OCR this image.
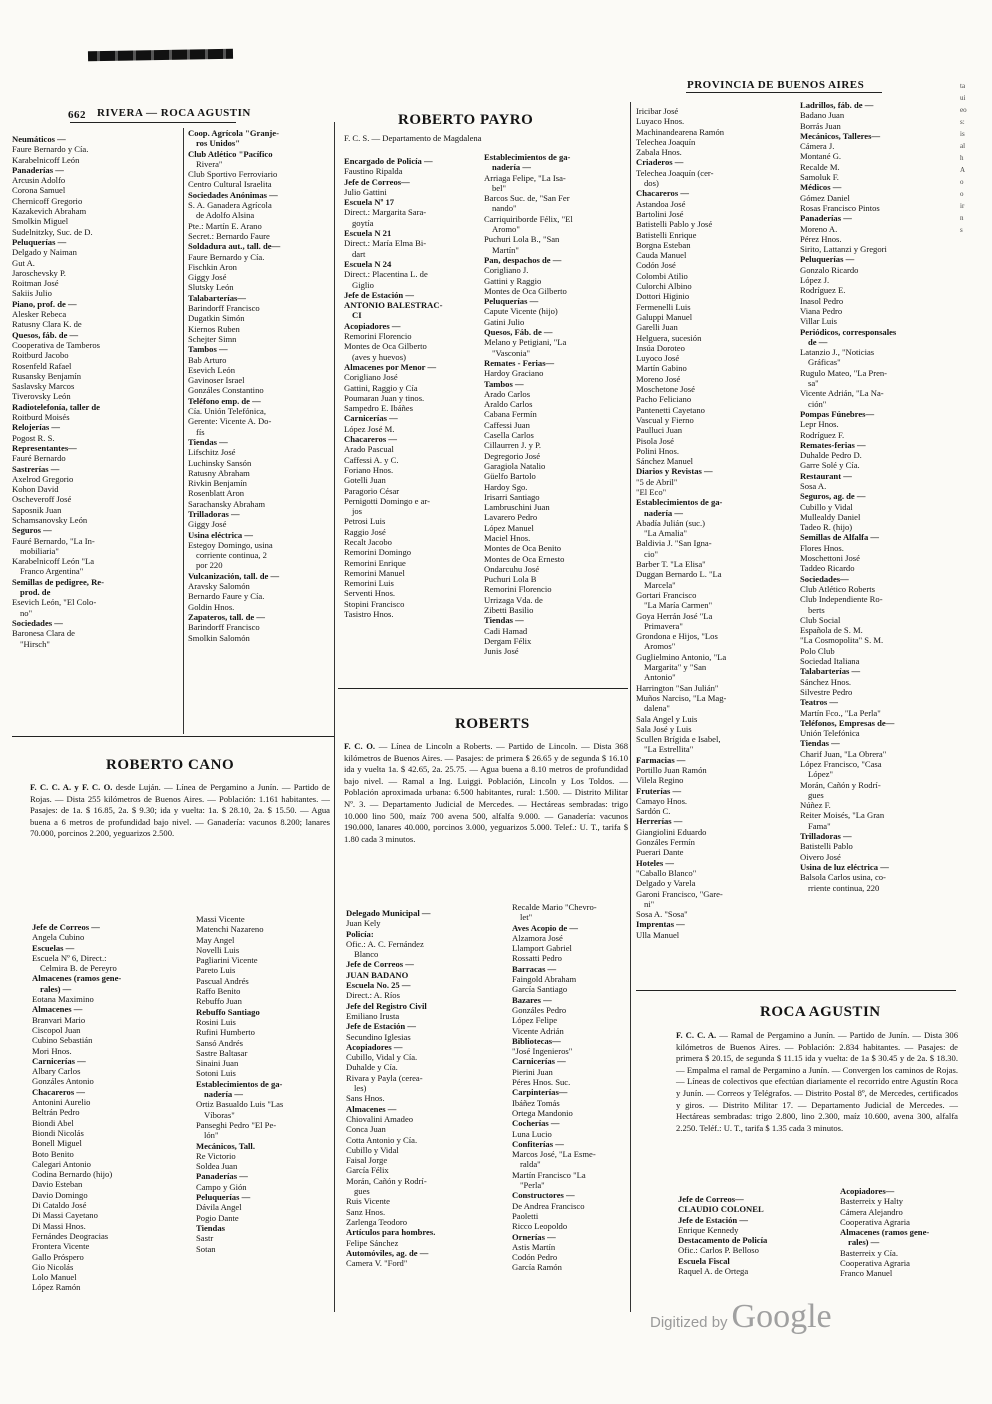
662 RIVERA — ROCA AGUSTIN
PROVINCIA DE BUENOS AIRES
Neumáticos —
Faure Bernardo y Cía.
Karabelnicoff León
Panaderías —
Arcusin Adolfo
Corona Samuel
Chernicoff Gregorio
Kazakevich Abraham
Smolkin Miguel
Sudelnitzky, Suc. de D.
Peluquerías —
Delgado y Naiman
Gut A.
Jaroschevsky P.
Roitman José
Sakiis Julio
Piano, prof. de —
Alesker Rebeca
Ratusny Clara K. de
Quesos, fáb. de —
Cooperativa de Tamberos
Roitburd Jacobo
Rosenfeld Rafael
Rusansky Benjamín
Saslavsky Marcos
Tiverovsky León
Radiotelefonía, taller de
Roitburd Moisés
Relojerías —
Pogost R. S.
Representantes—
Fauré Bernardo
Sastrerías —
Axelrod Gregorio
Kohon David
Oscheveroff José
Saposnik Juan
Schamsanovsky León
Seguros —
Fauré Bernardo, "La In-
mobiliaria"
Karabelnicoff León "La
Franco Argentina"
Semillas de pedigree, Re-
prod. de
Esevich León, "El Colo-
no"
Sociedades —
Baronesa Clara de
"Hirsch"
Coop. Agrícola "Granje-
ros Unidos"
Club Atlético "Pacífico
Rivera"
Club Sportivo Ferroviario
Centro Cultural Israelita
Sociedades Anónimas —
S. A. Ganadera Agrícola
de Adolfo Alsina
Pte.: Martín E. Arano
Secret.: Bernardo Faure
Soldadura aut., tall. de—
Faure Bernardo y Cía.
Fischkin Aron
Giggy José
Slutsky León
Talabarterías—
Barindorff Francisco
Dugatkin Simón
Kiernos Ruben
Schejter Simn
Tambos —
Bab Arturo
Esevich León
Gavinoser Israel
Gonzáles Constantino
Teléfono emp. de —
Cía. Unión Telefónica,
Gerente: Vicente A. Do-
fís
Tiendas —
Lifschitz José
Luchinsky Sansón
Ratusny Abraham
Rivkin Benjamín
Rosenblatt Aron
Sarachansky Abraham
Trilladoras —
Giggy José
Usina eléctrica —
Estegoy Domingo, usina
corriente continua, 2
por 220
Vulcanización, tall. de —
Aravsky Salomón
Bernardo Faure y Cía.
Goldin Hnos.
Zapateros, tall. de —
Barindorff Francisco
Smolkin Salomón
ROBERTO PAYRO
F. C. S. — Departamento de Magdalena
Encargado de Policía —
Faustino Ripalda
Jefe de Correos—
Julio Gattini
Escuela Nº 17
Direct.: Margarita Sara-
goytía
Escuela N 21
Direct.: María Elma Bi-
dart
Escuela N 24
Direct.: Placentina L. de
Giglio
Jefe de Estación —
ANTONIO BALESTRAC-
CI
Acopiadores —
Remorini Florencio
Montes de Oca Gilberto
(aves y huevos)
Almacenes por Menor —
Corigliano José
Gattini, Raggio y Cía
Poumaran Juan y tinos.
Sampedro E. Ibáñes
Carnicerías —
López José M.
Chacareros —
Arado Pascual
Caffessi A. y C.
Foriano Hnos.
Gotelli Juan
Paragorio César
Pernigotti Domingo e ar-
jos
Petrosi Luis
Raggio José
Recalt Jacobo
Remorini Domingo
Remorini Enrique
Remorini Manuel
Remorini Luis
Serventi Hnos.
Stopini Francisco
Tasistro Hnos.
Establecimientos de ga-
nadería —
Arriaga Felipe, "La Isa-
bel"
Barcos Suc. de, "San Fer
nando"
Carriquiriborde Félix, "El
Aromo"
Puchuri Lola B., "San
Martín"
Pan, despachos de —
Corigliano J.
Gattini y Raggio
Montes de Oca Gilberto
Peluquerías —
Capute Vicente (hijo)
Gatini Julio
Quesos, Fáb. de —
Melano y Petigiani, "La
"Vasconia"
Remates - Ferias—
Hardoy Graciano
Tambos —
Arado Carlos
Araldo Carlos
Cabana Fermín
Caffessi Juan
Casella Carlos
Cillaurren J. y P.
Degregorio José
Garagiola Natalio
Güelfo Bartolo
Hardoy Sgo.
Irisarri Santiago
Lambruschini Juan
Lavarero Pedro
López Manuel
Maciel Hnos.
Montes de Oca Benito
Montes de Oca Ernesto
Ondarcuhu José
Puchuri Lola B
Remorini Florencio
Urrizaga Vda. de
Zibetti Basilio
Tiendas —
Cadi Hamad
Dergam Félix
Junis José
Iricibar José
Luyaco Hnos.
Machinandearena Ramón
Telechea Joaquín
Zabala Hnos.
Criaderos —
Telechea Joaquín (cer-
dos)
Chacareros —
Astandoa José
Bartolini José
Batistelli Pablo y José
Batistelli Enrique
Borgna Esteban
Cauda Manuel
Codón José
Colombi Atilio
Culorchi Albino
Dottori Higinio
Fermenelli Luis
Galuppi Manuel
Garelli Juan
Helguera, sucesión
Insúa Doroteo
Luyoco José
Martín Gabino
Moreno José
Moschetone José
Pacho Feliciano
Pantenetti Cayetano
Vascual y Fierno
Paulluci Juan
Pisola José
Polini Hnos.
Sánchez Manuel
Diarios y Revistas —
"5 de Abril"
"El Eco"
Establecimientos de ga-
nadería —
Abadía Julián (suc.)
"La Amalia"
Baldivia J. "San Igna-
cio"
Barber T. "La Elisa"
Duggan Bernardo L. "La
Marcela"
Gortari Francisco
"La María Carmen"
Goya Herrán José "La
Primavera"
Grondona e Hijos, "Los
Aromos"
Guglielmino Antonio, "La
Margarita" y "San
Antonio"
Harrington "San Julián"
Muños Narciso, "La Mag-
dalena"
Sala Angel y Luis
Sala José y Luis
Scullen Brígida e Isabel,
"La Estrellita"
Farmacias —
Portillo Juan Ramón
Vilela Regino
Fruterías —
Camayo Hnos.
Sardón C.
Herrerías —
Giangiolini Eduardo
Gonzáles Fermín
Puerari Dante
Hoteles —
"Caballo Blanco"
Delgado y Varela
Garoni Francisco, "Gare-
ni"
Sosa A. "Sosa"
Imprentas —
Ulla Manuel
Ladrillos, fáb. de —
Badano Juan
Borrás Juan
Mecánicos, Talleres—
Cámera J.
Montané G.
Recalde M.
Samoluk F.
Médicos —
Gómez Daniel
Rosas Francisco Pintos
Panaderías —
Moreno A.
Pérez Hnos.
Sirito, Lattanzi y Gregori
Peluquerías —
Gonzalo Ricardo
López J.
Rodríguez E.
Inasol Pedro
Viana Pedro
Villar Luis
Periódicos, corresponsales
de —
Latanzio J., "Noticias
Gráficas"
Rugulo Mateo, "La Pren-
sa"
Vicente Adrián, "La Na-
ción"
Pompas Fúnebres—
Lepr Hnos.
Rodríguez F.
Remates-ferias —
Duhalde Pedro D.
Garre Solé y Cía.
Restaurant —
Sosa A.
Seguros, ag. de —
Cubillo y Vidal
Mullealdy Daniel
Tadeo R. (hijo)
Semillas de Alfalfa —
Flores Hnos.
Moschettoni José
Taddeo Ricardo
Sociedades—
Club Atlético Roberts
Club Independiente Ro-
berts
Club Social
Española de S. M.
"La Cosmopolita" S. M.
Polo Club
Sociedad Italiana
Talabarterías —
Sánchez Hnos.
Silvestre Pedro
Teatros —
Martín Fco., "La Perla"
Teléfonos, Empresas de—
Unión Telefónica
Tiendas —
Charif Juan, "La Obrera"
López Francisco, "Casa
López"
Morán, Cañón y Rodrí-
gues
Núñez F.
Reiter Moisés, "La Gran
Fama"
Trilladoras —
Batistelli Pablo
Oivero José
Usina de luz eléctrica —
Balsola Carlos usina, co-
rriente continua, 220
ROBERTO CANO
F. C. C. A. y F. C. O. desde Luján. — Línea de Pergamino a Junín. — Partido de Rojas. — Dista 255 kilómetros de Buenos Aires. — Población: 1.161 habitantes. — Pasajes: de 1a. $ 16.85, 2a. $ 9.30; ida y vuelta: 1a. $ 28.10, 2a. $ 15.50. — Agua buena a 6 metros de profundidad bajo nivel. — Ganadería: vacunos 8.200; lanares 70.000, porcinos 2.200, yeguarizos 2.500.
Jefe de Correos —
Angela Cubino
Escuelas —
Escuela Nº 6, Direct.:
Celmira B. de Pereyro
Almacenes (ramos gene-
rales) —
Eotana Maximino
Almacenes —
Branvari Mario
Ciscopol Juan
Cubino Sebastián
Mori Hnos.
Carnicerías —
Albary Carlos
Gonzáles Antonio
Chacareros —
Antonini Aurelio
Beltrán Pedro
Biondi Abel
Biondi Nicolás
Bonell Miguel
Boto Benito
Calegari Antonio
Codina Bernardo (hijo)
Davio Esteban
Davio Domingo
Di Cataldo José
Di Massi Cayetano
Di Massi Hnos.
Fernándes Deogracias
Frontera Vicente
Gallo Próspero
Gio Nicolás
Lolo Manuel
López Ramón
Massi Vicente
Matenchi Nazareno
May Angel
Novelli Luis
Pagliarini Vicente
Pareto Luis
Pascual Andrés
Raffo Benito
Rebuffo Juan
Rebuffo Santiago
Rosini Luis
Rufini Humberto
Sansó Andrés
Sastre Baltasar
Sinaini Juan
Sotoni Luis
Establecimientos de ga-
nadería —
Ortiz Basualdo Luis "Las
Víboras"
Panseghi Pedro "El Pe-
lón"
Mecánicos, Tall.
Re Victorio
Soldea Juan
Panaderías —
Campo y Gión
Peluquerías —
Dávila Angel
Pogio Dante
Tiendas
Sastr
Sotan
ROBERTS
F. C. O. — Línea de Lincoln a Roberts. — Partido de Lincoln. — Dista 368 kilómetros de Buenos Aires. — Pasajes: de primera $ 26.65 y de segunda $ 16.10 ida y vuelta 1a. $ 42.65, 2a. 25.75. — Agua buena a 8.10 metros de profundidad bajo nivel. — Ramal a Ing. Luiggi. Población, Lincoln y Los Toldos. — Población aproximada urbana: 6.500 habitantes, rural: 1.500. — Distrito Militar Nº. 3. — Departamento Judicial de Mercedes. — Hectáreas sembradas: trigo 10.000 lino 500, maíz 700 avena 500, alfalfa 9.000. — Ganadería: vacunos 190.000, lanares 40.000, porcinos 3.000, yeguarizos 5.000. Telef.: U. T., tarifa $ 1.80 cada 3 minutos.
Delegado Municipal —
Juan Kely
Policía:
Ofic.: A. C. Fernández
Blanco
Jefe de Correos —
JUAN BADANO
Escuela No. 25 —
Direct.: A. Ríos
Jefe del Registro Civil
Emiliano Irusta
Jefe de Estación —
Secundino Iglesias
Acopiadores —
Cubillo, Vidal y Cía.
Duhalde y Cía.
Rivara y Payla (cerea-
les)
Sans Hnos.
Almacenes —
Chiovalini Amadeo
Conca Juan
Cotta Antonio y Cía.
Cubillo y Vidal
Faisal Jorge
García Félix
Morán, Cañón y Rodrí-
gues
Ruis Vicente
Sanz Hnos.
Zarlenga Teodoro
Artículos para hombres.
Felipe Sánchez
Automóviles, ag. de —
Camera V. "Ford"
Recalde Mario "Chevro-
let"
Aves Acopio de —
Alzamora José
Llamport Gabriel
Rossatti Pedro
Barracas —
Faingold Abraham
García Santiago
Bazares —
Gonzáles Pedro
López Felipe
Vicente Adrián
Bibliotecas—
"José Ingenieros"
Carnicerías —
Pierini Juan
Péres Hnos. Suc.
Carpinterías—
Ibáñez Tomás
Ortega Mandonio
Cocherías —
Luna Lucio
Confiterías —
Marcos José, "La Esme-
ralda"
Martín Francisco "La
"Perla"
Constructores —
De Andrea Francisco
Paoletti
Ricco Leopoldo
Ornerías —
Astis Martín
Codón Pedro
García Ramón
ROCA AGUSTIN
F. C. C. A. — Ramal de Pergamino a Junín. — Partido de Junín. — Dista 306 kilómetros de Buenos Aires. — Población: 2.834 habitantes. — Pasajes: de primera $ 20.15, de segunda $ 11.15 ida y vuelta: de 1a $ 30.45 y de 2a. $ 18.30. — Empalma el ramal de Pergamino a Junín. — Convergen los caminos de Rojas. — Líneas de colectivos que efectúan diariamente el recorrido entre Agustín Roca y Junín. — Correos y Telégrafos. — Distrito Postal 8º, de Mercedes, certificados y giros. — Distrito Militar 17. — Departamento Judicial de Mercedes. — Hectáreas sembradas: trigo 2.800, lino 2.300, maíz 10.600, avena 300, alfalfa 2.250. Teléf.: U. T., tarifa $ 1.35 cada 3 minutos.
Jefe de Correos—
CLAUDIO COLONEL
Jefe de Estación —
Enrique Kennedy
Destacamento de Policía
Ofic.: Carlos P. Belloso
Escuela Fiscal
Raquel A. de Ortega
Acopiadores—
Basterreix y Halty
Cámera Alejandro
Cooperativa Agraria
Almacenes (ramos gene-
rales) —
Basterreix y Cía.
Cooperativa Agraria
Franco Manuel
ta
ui
eo
s:
is
al
h
A
o
o
ir
n
s
Digitized by Google
